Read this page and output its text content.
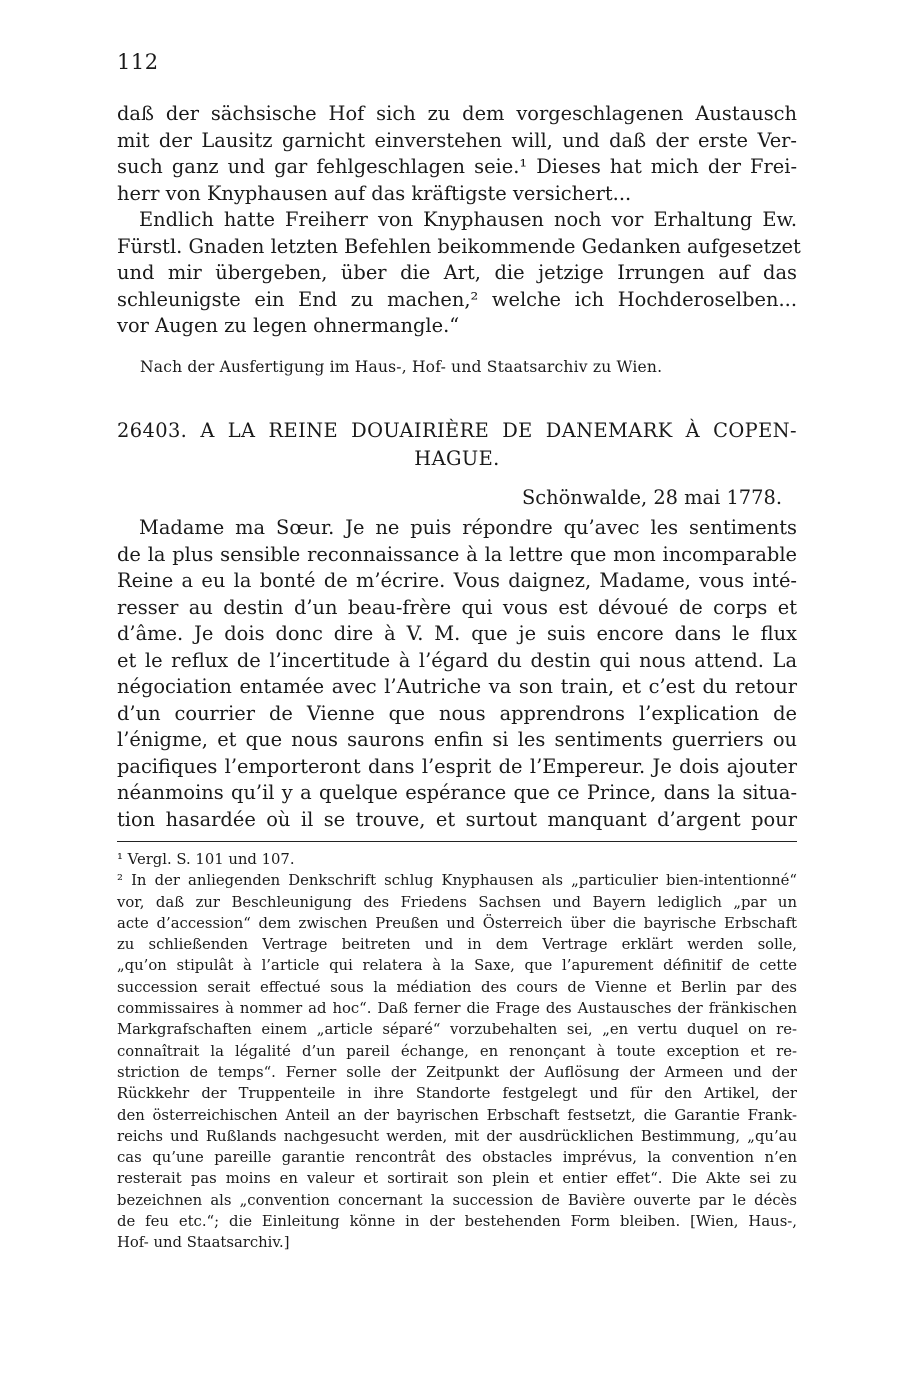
112
daß der sächsische Hof sich zu dem vorgeschlagenen Austausch
mit der Lausitz garnicht einverstehen will, und daß der erste Ver-
such ganz und gar fehlgeschlagen seie.¹ Dieses hat mich der Frei-
herr von Knyphausen auf das kräftigste versichert...
Endlich hatte Freiherr von Knyphausen noch vor Erhaltung Ew.
Fürstl. Gnaden letzten Befehlen beikommende Gedanken aufgesetzet
und mir übergeben, über die Art, die jetzige Irrungen auf das
schleunigste ein End zu machen,² welche ich Hochderoselben...
vor Augen zu legen ohnermangle.“
Nach der Ausfertigung im Haus-, Hof- und Staatsarchiv zu Wien.
26403. A LA REINE DOUAIRIÈRE DE DANEMARK À COPEN-
HAGUE.
Schönwalde, 28 mai 1778.
Madame ma Sœur. Je ne puis répondre qu’avec les sentiments
de la plus sensible reconnaissance à la lettre que mon incomparable
Reine a eu la bonté de m’écrire. Vous daignez, Madame, vous inté-
resser au destin d’un beau-frère qui vous est dévoué de corps et
d’âme. Je dois donc dire à V. M. que je suis encore dans le flux
et le reflux de l’incertitude à l’égard du destin qui nous attend. La
négociation entamée avec l’Autriche va son train, et c’est du retour
d’un courrier de Vienne que nous apprendrons l’explication de
l’énigme, et que nous saurons enfin si les sentiments guerriers ou
pacifiques l’emporteront dans l’esprit de l’Empereur. Je dois ajouter
néanmoins qu’il y a quelque espérance que ce Prince, dans la situa-
tion hasardée où il se trouve, et surtout manquant d’argent pour
¹ Vergl. S. 101 und 107.
² In der anliegenden Denkschrift schlug Knyphausen als „particulier bien-intentionné“
vor, daß zur Beschleunigung des Friedens Sachsen und Bayern lediglich „par un
acte d’accession“ dem zwischen Preußen und Österreich über die bayrische Erbschaft
zu schließenden Vertrage beitreten und in dem Vertrage erklärt werden solle,
„qu’on stipulât à l’article qui relatera à la Saxe, que l’apurement définitif de cette
succession serait effectué sous la médiation des cours de Vienne et Berlin par des
commissaires à nommer ad hoc“. Daß ferner die Frage des Austausches der fränkischen
Markgrafschaften einem „article séparé“ vorzubehalten sei, „en vertu duquel on re-
connaîtrait la légalité d’un pareil échange, en renonçant à toute exception et re-
striction de temps“. Ferner solle der Zeitpunkt der Auflösung der Armeen und der
Rückkehr der Truppenteile in ihre Standorte festgelegt und für den Artikel, der
den österreichischen Anteil an der bayrischen Erbschaft festsetzt, die Garantie Frank-
reichs und Rußlands nachgesucht werden, mit der ausdrücklichen Bestimmung, „qu’au
cas qu’une pareille garantie rencontrât des obstacles imprévus, la convention n’en
resterait pas moins en valeur et sortirait son plein et entier effet“. Die Akte sei zu
bezeichnen als „convention concernant la succession de Bavière ouverte par le décès
de feu etc.“; die Einleitung könne in der bestehenden Form bleiben. [Wien, Haus-,
Hof- und Staatsarchiv.]
